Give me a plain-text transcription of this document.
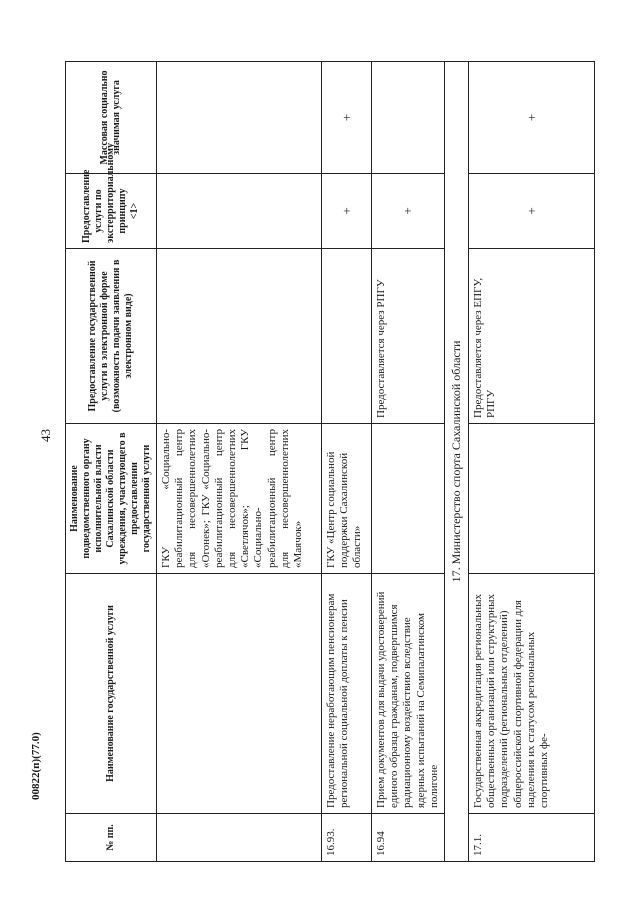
43
№ пп.	Наименование государственной услуги	Наименование подведомственного органу исполнительной власти Сахалинской области учреждения, участвующего в предоставлении государственной услуги	Предоставление государственной услуги в электронной форме (возможность подачи заявления в электронном виде)	Предоставление услуги по экстерриториальному принципу <1>	Массовая социально значимая услуга
		ГКУ «Социально-реабилитационный центр для несовершеннолетних «Огонек»; ГКУ «Социально-реабилитационный центр для несовершеннолетних «Светлячок»; ГКУ «Социально-реабилитационный центр для несовершеннолетних «Маячок»			
16.93.	Предоставление неработающим пенсионерам региональной социальной доплаты к пенсии	ГКУ «Центр социальной поддержки Сахалинской области»		+	+
16.94	Прием документов для выдачи удостоверений единого образца гражданам, подвергшимся радиационному воздействию вследствие ядерных испытаний на Семипалатинском полигоне		Предоставляется через РПГУ	+	
17. Министерство спорта Сахалинской области					
17.1.	Государственная аккредитация региональных общественных организаций или структурных подразделений (региональных отделений) общероссийской спортивной федерации для наделения их статусом региональных спортивных фе-		Предоставляется через ЕПГУ, РПГУ	+	+
00822(п)(77.0)
